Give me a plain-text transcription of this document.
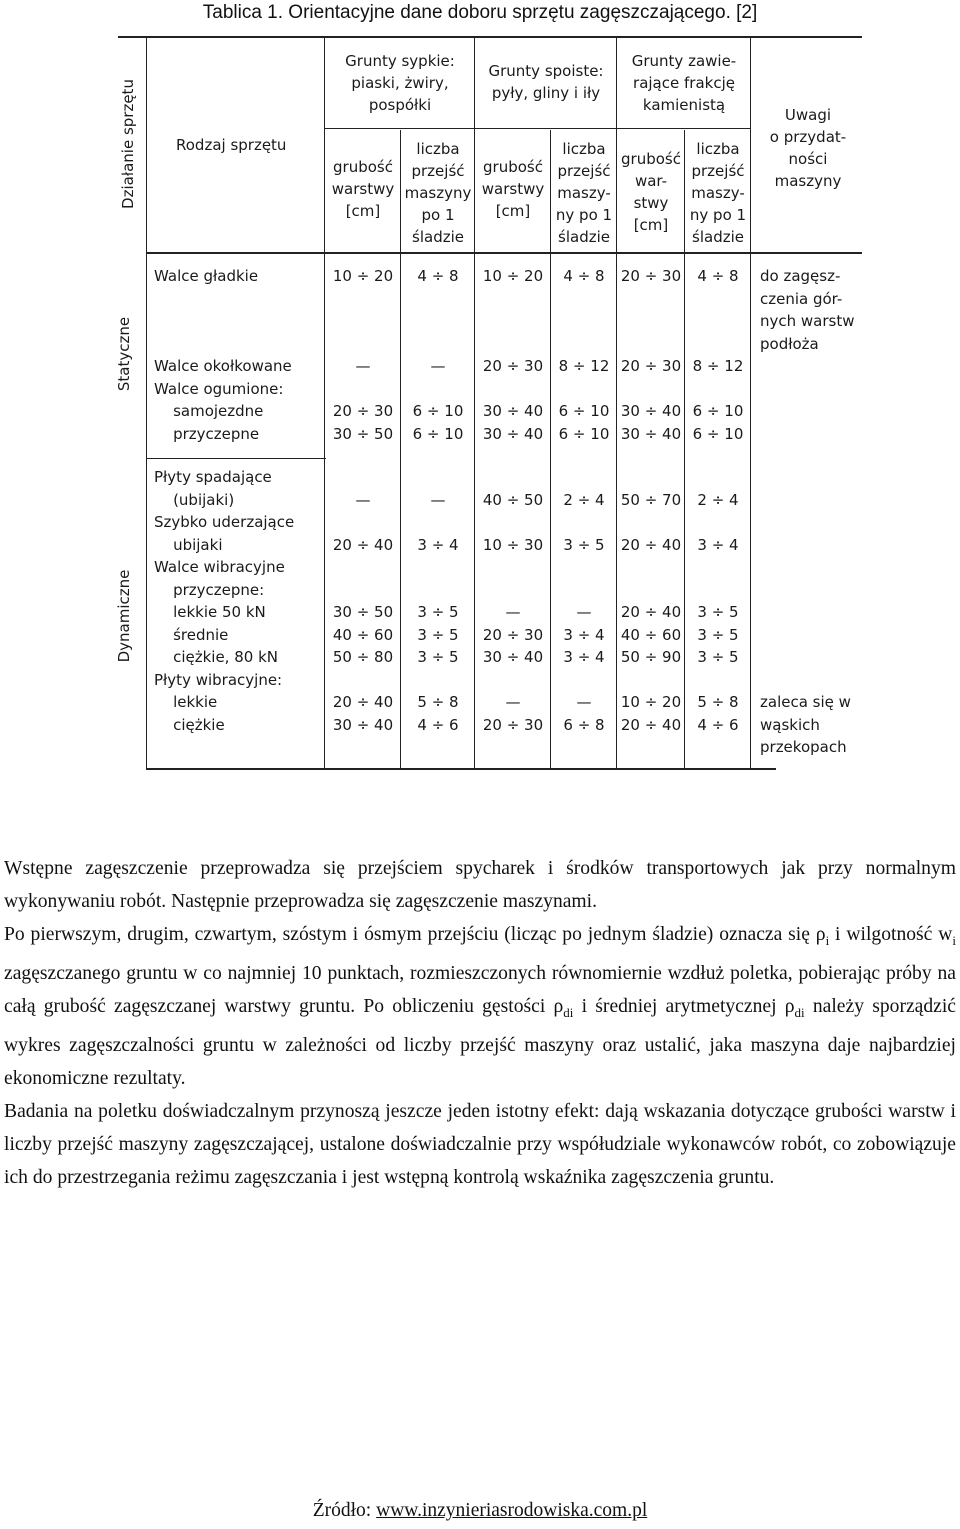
Tablica 1. Orientacyjne dane doboru sprzętu zagęszczającego. [2]
Działanie sprzętu	Rodzaj sprzętu
Grunty sypkie:
piaski, żwiry,
pospółki
Grunty spoiste:
pyły, gliny i iły
Grunty zawie-
rające frakcję
kamienistą
grubość
warstwy
[cm]
liczba
przejść
maszyny
po 1
śladzie
grubość
warstwy
[cm]
liczba
przejść
maszy-
ny po 1
śladzie
grubość
war-
stwy
[cm]
liczba
przejść
maszy-
ny po 1
śladzie
Uwagi
o przydat-
ności
maszyny
Statyczne
Walce gładkie

Walce okołkowane
Walce ogumione:
samojezdne
przyczepne
10 ÷ 20

—

20 ÷ 30
30 ÷ 50
4 ÷ 8

—

6 ÷ 10
6 ÷ 10
10 ÷ 20

20 ÷ 30

30 ÷ 40
30 ÷ 40
4 ÷ 8

8 ÷ 12

6 ÷ 10
6 ÷ 10
20 ÷ 30

20 ÷ 30

30 ÷ 40
30 ÷ 40
4 ÷ 8

8 ÷ 12

6 ÷ 10
6 ÷ 10
do zagęsz-
czenia gór-
nych warstw
podłoża
Dynamiczne
Płyty spadające
(ubijaki)
Szybko uderzające
ubijaki
Walce wibracyjne
przyczepne:
lekkie 50 kN
średnie
ciężkie, 80 kN
Płyty wibracyjne:
lekkie
ciężkie

—

20 ÷ 40

30 ÷ 50
40 ÷ 60
50 ÷ 80

20 ÷ 40
30 ÷ 40

—

3 ÷ 4

3 ÷ 5
3 ÷ 5
3 ÷ 5

5 ÷ 8
4 ÷ 6

40 ÷ 50

10 ÷ 30

—
20 ÷ 30
30 ÷ 40

—
20 ÷ 30

2 ÷ 4

3 ÷ 5

—
3 ÷ 4
3 ÷ 4

—
6 ÷ 8

50 ÷ 70

20 ÷ 40

20 ÷ 40
40 ÷ 60
50 ÷ 90

10 ÷ 20
20 ÷ 40

2 ÷ 4

3 ÷ 4

3 ÷ 5
3 ÷ 5
3 ÷ 5

5 ÷ 8
4 ÷ 6
zaleca się w
wąskich
przekopach

Wstępne zagęszczenie przeprowadza się przejściem spycharek i środków transportowych jak przy normalnym wykonywaniu robót. Następnie przeprowadza się zagęszczenie maszynami.

Po pierwszym, drugim, czwartym, szóstym i ósmym przejściu (licząc po jednym śladzie) oznacza się $\rho_i$ i wilgotność $w_i$ zagęszczanego gruntu w co najmniej 10 punktach, rozmieszczonych równomiernie wzdłuż poletka, pobierając próby na całą grubość zagęszczanej warstwy gruntu. Po obliczeniu gęstości $\rho_{di}$ i średniej arytmetycznej $\rho_{di}$ należy sporządzić wykres zagęszczalności gruntu w zależności od liczby przejść maszyny oraz ustalić, jaka maszyna daje najbardziej ekonomiczne rezultaty.

Badania na poletku doświadczalnym przynoszą jeszcze jeden istotny efekt: dają wskazania dotyczące grubości warstw i liczby przejść maszyny zagęszczającej, ustalone doświadczalnie przy współudziale wykonawców robót, co zobowiązuje ich do przestrzegania reżimu zagęszczania i jest wstępną kontrolą wskaźnika zagęszczenia gruntu.

Źródło: www.inzynieriasrodowiska.com.pl
